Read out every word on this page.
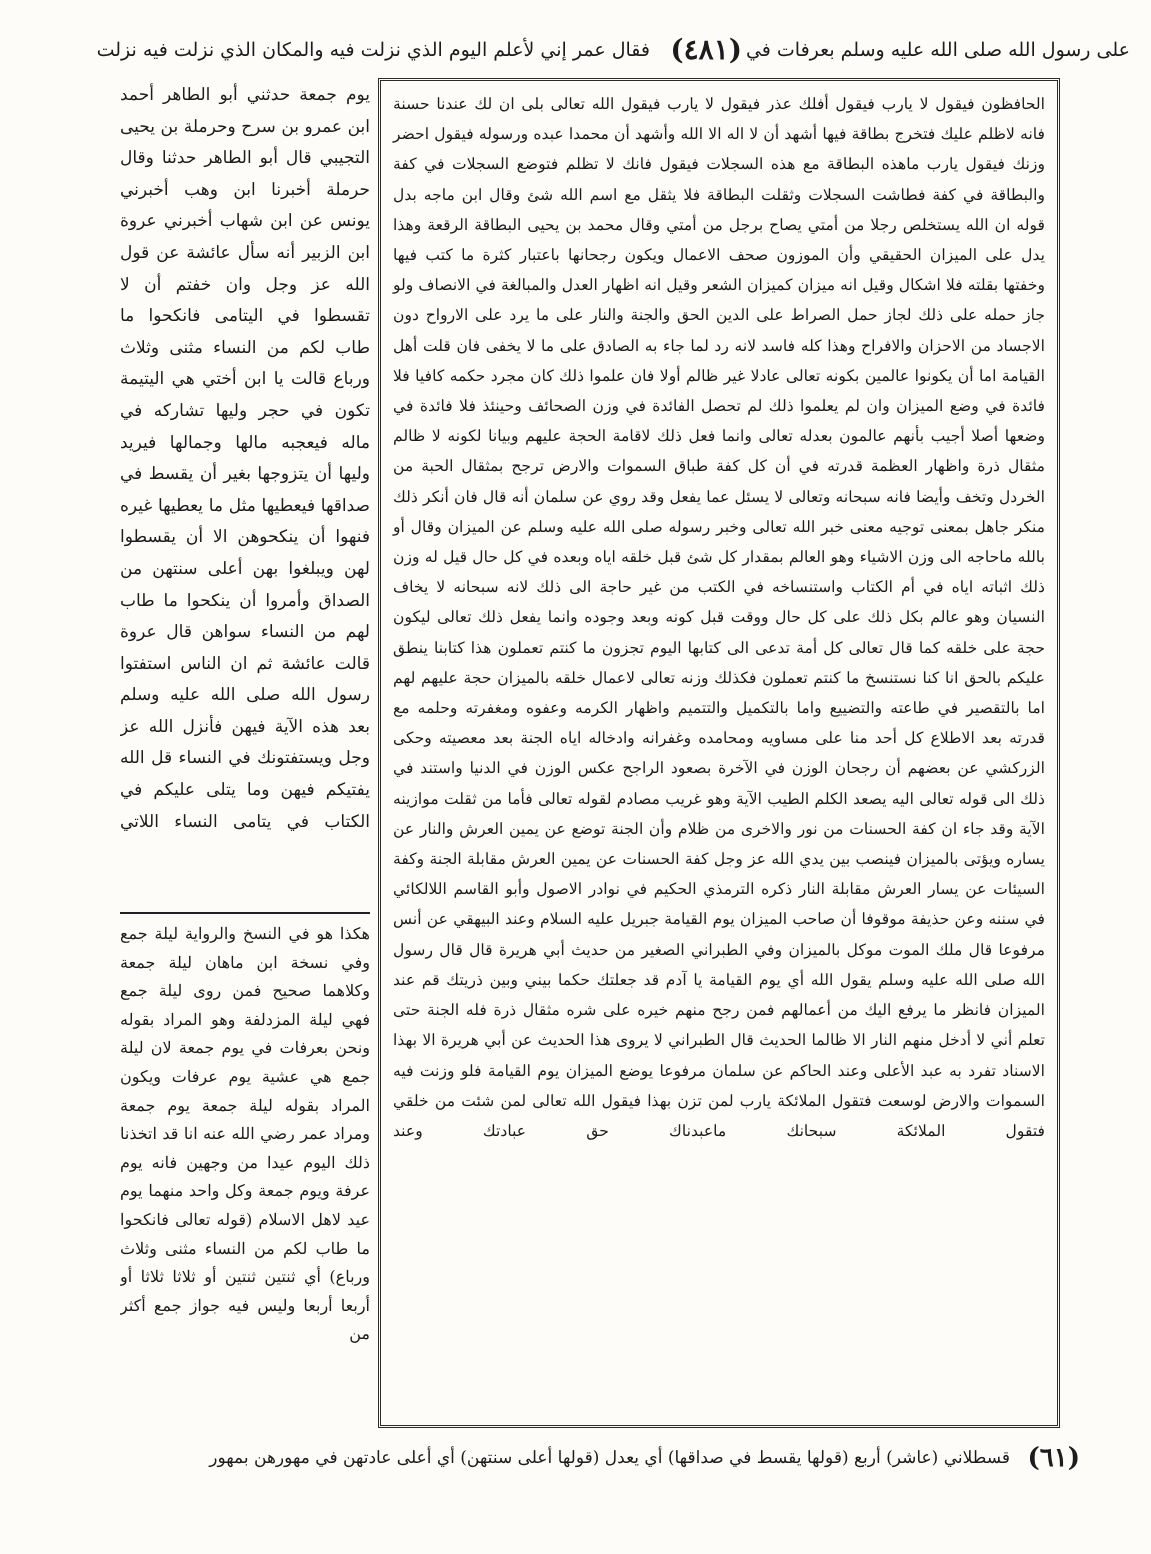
على رسول الله صلى الله عليه وسلم بعرفات في
(٤٨١)
فقال عمر إني لأعلم اليوم الذي نزلت فيه والمكان الذي نزلت فيه نزلت

الحافظون فيقول لا يارب فيقول أفلك عذر فيقول لا يارب فيقول الله تعالى بلى ان لك عندنا حسنة فانه لاظلم عليك فتخرج بطاقة فيها أشهد أن لا اله الا الله وأشهد أن محمدا عبده ورسوله فيقول احضر وزنك فيقول يارب ماهذه البطاقة مع هذه السجلات فيقول فانك لا تظلم فتوضع السجلات في كفة والبطاقة في كفة فطاشت السجلات وثقلت البطاقة فلا يثقل مع اسم الله شئ وقال ابن ماجه بدل قوله ان الله يستخلص رجلا من أمتي يصاح برجل من أمتي وقال محمد بن يحيى البطاقة الرقعة وهذا يدل على الميزان الحقيقي وأن الموزون صحف الاعمال ويكون رجحانها باعتبار كثرة ما كتب فيها وخفتها بقلته فلا اشكال وقيل انه ميزان كميزان الشعر وقيل انه اظهار العدل والمبالغة في الانصاف ولو جاز حمله على ذلك لجاز حمل الصراط على الدين الحق والجنة والنار على ما يرد على الارواح دون الاجساد من الاحزان والافراح وهذا كله فاسد لانه رد لما جاء به الصادق على ما لا يخفى فان قلت أهل القيامة اما أن يكونوا عالمين بكونه تعالى عادلا غير ظالم أولا فان علموا ذلك كان مجرد حكمه كافيا فلا فائدة في وضع الميزان وان لم يعلموا ذلك لم تحصل الفائدة في وزن الصحائف وحينئذ فلا فائدة في وضعها أصلا أجيب بأنهم عالمون بعدله تعالى وانما فعل ذلك لاقامة الحجة عليهم وبيانا لكونه لا ظالم مثقال ذرة واظهار العظمة قدرته في أن كل كفة طباق السموات والارض ترجح بمثقال الحبة من الخردل وتخف وأيضا فانه سبحانه وتعالى لا يسئل عما يفعل وقد روي عن سلمان أنه قال فان أنكر ذلك منكر جاهل بمعنى توجيه معنى خبر الله تعالى وخبر رسوله صلى الله عليه وسلم عن الميزان وقال أو بالله ماحاجه الى وزن الاشياء وهو العالم بمقدار كل شئ قبل خلقه اياه وبعده في كل حال قيل له وزن ذلك اثباته اياه في أم الكتاب واستنساخه في الكتب من غير حاجة الى ذلك لانه سبحانه لا يخاف النسيان وهو عالم بكل ذلك على كل حال ووقت قبل كونه وبعد وجوده وانما يفعل ذلك تعالى ليكون حجة على خلقه كما قال تعالى كل أمة تدعى الى كتابها اليوم تجزون ما كنتم تعملون هذا كتابنا ينطق عليكم بالحق انا كنا نستنسخ ما كنتم تعملون فكذلك وزنه تعالى لاعمال خلقه بالميزان حجة عليهم لهم اما بالتقصير في طاعته والتضييع واما بالتكميل والتتميم واظهار الكرمه وعفوه ومغفرته وحلمه مع قدرته بعد الاطلاع كل أحد منا على مساويه ومحامده وغفرانه وادخاله اياه الجنة بعد معصيته وحكى الزركشي عن بعضهم أن رجحان الوزن في الآخرة بصعود الراجح عكس الوزن في الدنيا واستند في ذلك الى قوله تعالى اليه يصعد الكلم الطيب الآية وهو غريب مصادم لقوله تعالى فأما من ثقلت موازينه الآية وقد جاء ان كفة الحسنات من نور والاخرى من ظلام وأن الجنة توضع عن يمين العرش والنار عن يساره ويؤتى بالميزان فينصب بين يدي الله عز وجل كفة الحسنات عن يمين العرش مقابلة الجنة وكفة السيئات عن يسار العرش مقابلة النار ذكره الترمذي الحكيم في نوادر الاصول وأبو القاسم اللالكائي في سننه وعن حذيفة موقوفا أن صاحب الميزان يوم القيامة جبريل عليه السلام وعند البيهقي عن أنس مرفوعا قال ملك الموت موكل بالميزان وفي الطبراني الصغير من حديث أبي هريرة قال قال رسول الله صلى الله عليه وسلم يقول الله أي يوم القيامة يا آدم قد جعلتك حكما بيني وبين ذريتك قم عند الميزان فانظر ما يرفع اليك من أعمالهم فمن رجح منهم خيره على شره مثقال ذرة فله الجنة حتى تعلم أني لا أدخل منهم النار الا ظالما الحديث قال الطبراني لا يروى هذا الحديث عن أبي هريرة الا بهذا الاسناد تفرد به عبد الأعلى وعند الحاكم عن سلمان مرفوعا يوضع الميزان يوم القيامة فلو وزنت فيه السموات والارض لوسعت فتقول الملائكة يارب لمن تزن بهذا فيقول الله تعالى لمن شئت من خلقي فتقول الملائكة سبحانك ماعبدناك حق عبادتك وعند

يوم جمعة حدثني أبو الطاهر أحمد ابن عمرو بن سرح وحرملة بن يحيى التجيبي قال أبو الطاهر حدثنا وقال حرملة أخبرنا ابن وهب أخبرني يونس عن ابن شهاب أخبرني عروة ابن الزبير أنه سأل عائشة عن قول الله عز وجل وان خفتم أن لا تقسطوا في اليتامى فانكحوا ما طاب لكم من النساء مثنى وثلاث ورباع قالت يا ابن أختي هي اليتيمة تكون في حجر وليها تشاركه في ماله فيعجبه مالها وجمالها فيريد وليها أن يتزوجها بغير أن يقسط في صداقها فيعطيها مثل ما يعطيها غيره فنهوا أن ينكحوهن الا أن يقسطوا لهن ويبلغوا بهن أعلى سنتهن من الصداق وأمروا أن ينكحوا ما طاب لهم من النساء سواهن قال عروة قالت عائشة ثم ان الناس استفتوا رسول الله صلى الله عليه وسلم بعد هذه الآية فيهن فأنزل الله عز وجل ويستفتونك في النساء قل الله يفتيكم فيهن وما يتلى عليكم في الكتاب في يتامى النساء اللاتي

هكذا هو في النسخ والرواية ليلة جمع وفي نسخة ابن ماهان ليلة جمعة وكلاهما صحيح فمن روى ليلة جمع فهي ليلة المزدلفة وهو المراد بقوله ونحن بعرفات في يوم جمعة لان ليلة جمع هي عشية يوم عرفات ويكون المراد بقوله ليلة جمعة يوم جمعة ومراد عمر رضي الله عنه انا قد اتخذنا ذلك اليوم عيدا من وجهين فانه يوم عرفة ويوم جمعة وكل واحد منهما يوم عيد لاهل الاسلام (قوله تعالى فانكحوا ما طاب لكم من النساء مثنى وثلاث ورباع) أي ثنتين ثنتين أو ثلاثا ثلاثا أو أربعا أربعا وليس فيه جواز جمع أكثر من

(٦١)
قسطلاني (عاشر) أربع (قولها يقسط في صداقها) أي يعدل (قولها أعلى سنتهن) أي أعلى عادتهن في مهورهن بمهور
